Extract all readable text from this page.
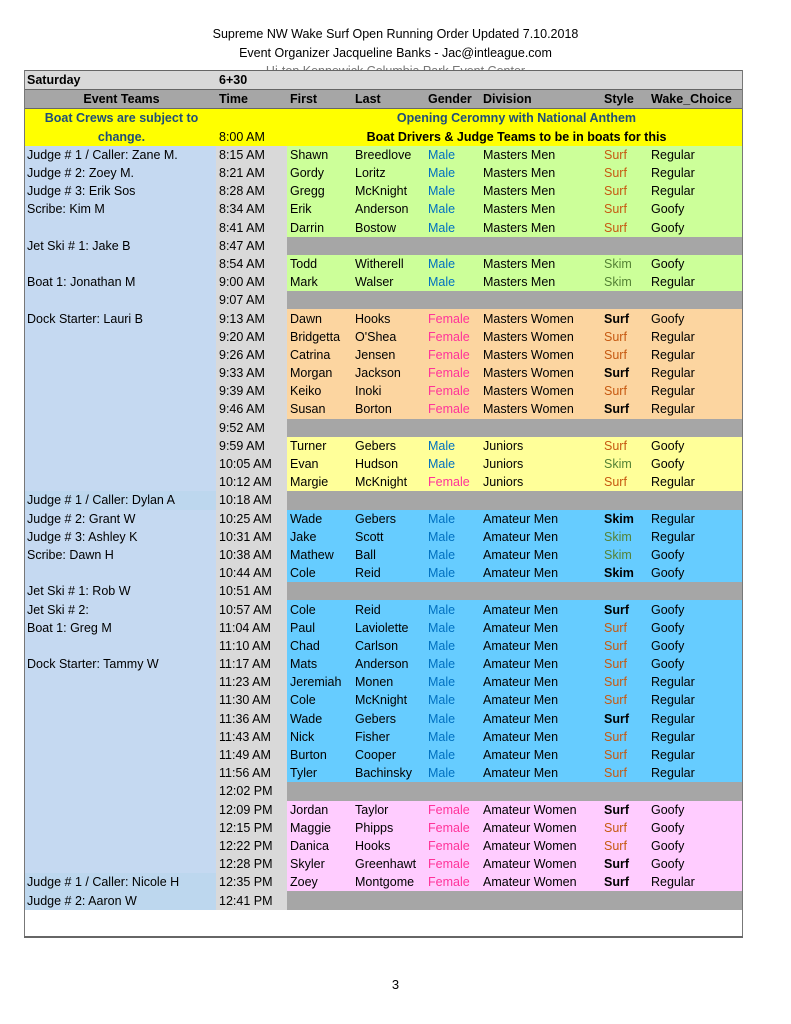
Supreme NW Wake Surf Open Running Order Updated 7.10.2018
Event Organizer Jacqueline Banks - Jac@intleague.com
Saturday	6+30						
Event Teams	Time	First	Last	Gender	Division	Style	Wake_Choice
Boat Crews are subject to		Opening Ceromny with National Anthem					
change.	8:00 AM	Boat Drivers & Judge Teams to be in boats for this					
Judge # 1 / Caller: Zane M.	8:15 AM	Shawn	Breedlove	Male	Masters Men	Surf	Regular
Judge # 2: Zoey M.	8:21 AM	Gordy	Loritz	Male	Masters Men	Surf	Regular
Judge # 3: Erik Sos	8:28 AM	Gregg	McKnight	Male	Masters Men	Surf	Regular
Scribe: Kim M	8:34 AM	Erik	Anderson	Male	Masters Men	Surf	Goofy
	8:41 AM	Darrin	Bostow	Male	Masters Men	Surf	Goofy
Jet Ski # 1: Jake B	8:47 AM						
	8:54 AM	Todd	Witherell	Male	Masters Men	Skim	Goofy
Boat 1: Jonathan M	9:00 AM	Mark	Walser	Male	Masters Men	Skim	Regular
	9:07 AM						
Dock Starter: Lauri B	9:13 AM	Dawn	Hooks	Female	Masters Women	Surf	Goofy
	9:20 AM	Bridgetta	O'Shea	Female	Masters Women	Surf	Regular
	9:26 AM	Catrina	Jensen	Female	Masters Women	Surf	Regular
	9:33 AM	Morgan	Jackson	Female	Masters Women	Surf	Regular
	9:39 AM	Keiko	Inoki	Female	Masters Women	Surf	Regular
	9:46 AM	Susan	Borton	Female	Masters Women	Surf	Regular
	9:52 AM						
	9:59 AM	Turner	Gebers	Male	Juniors	Surf	Goofy
	10:05 AM	Evan	Hudson	Male	Juniors	Skim	Goofy
	10:12 AM	Margie	McKnight	Female	Juniors	Surf	Regular
Judge # 1 / Caller: Dylan A	10:18 AM						
Judge # 2: Grant W	10:25 AM	Wade	Gebers	Male	Amateur Men	Skim	Regular
Judge # 3: Ashley K	10:31 AM	Jake	Scott	Male	Amateur Men	Skim	Regular
Scribe: Dawn H	10:38 AM	Mathew	Ball	Male	Amateur Men	Skim	Goofy
	10:44 AM	Cole	Reid	Male	Amateur Men	Skim	Goofy
Jet Ski # 1: Rob W	10:51 AM						
Jet Ski # 2:	10:57 AM	Cole	Reid	Male	Amateur Men	Surf	Goofy
Boat 1: Greg M	11:04 AM	Paul	Laviolette	Male	Amateur Men	Surf	Goofy
	11:10 AM	Chad	Carlson	Male	Amateur Men	Surf	Goofy
Dock Starter: Tammy W	11:17 AM	Mats	Anderson	Male	Amateur Men	Surf	Goofy
	11:23 AM	Jeremiah	Monen	Male	Amateur Men	Surf	Regular
	11:30 AM	Cole	McKnight	Male	Amateur Men	Surf	Regular
	11:36 AM	Wade	Gebers	Male	Amateur Men	Surf	Regular
	11:43 AM	Nick	Fisher	Male	Amateur Men	Surf	Regular
	11:49 AM	Burton	Cooper	Male	Amateur Men	Surf	Regular
	11:56 AM	Tyler	Bachinsky	Male	Amateur Men	Surf	Regular
	12:02 PM						
	12:09 PM	Jordan	Taylor	Female	Amateur Women	Surf	Goofy
	12:15 PM	Maggie	Phipps	Female	Amateur Women	Surf	Goofy
	12:22 PM	Danica	Hooks	Female	Amateur Women	Surf	Goofy
	12:28 PM	Skyler	Greenhawt	Female	Amateur Women	Surf	Goofy
Judge # 1 / Caller: Nicole H	12:35 PM	Zoey	Montgome	Female	Amateur Women	Surf	Regular
Judge # 2: Aaron W	12:41 PM						
3
